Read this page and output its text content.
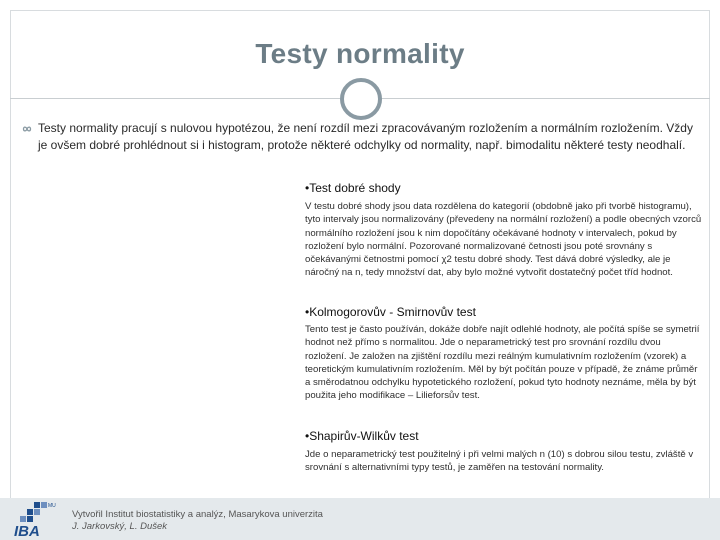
Testy normality
Testy normality pracují s nulovou hypotézou, že není rozdíl mezi zpracovávaným rozložením a normálním rozložením. Vždy je ovšem dobré prohlédnout si i histogram, protože některé odchylky od normality, např. bimodalitu některé testy neodhalí.
•Test dobré shody
V testu dobré shody jsou data rozdělena do kategorií (obdobně jako při tvorbě histogramu), tyto intervaly jsou normalizovány (převedeny na normální rozložení) a podle obecných vzorců normálního rozložení jsou k nim dopočítány očekávané hodnoty v intervalech, pokud by rozložení bylo normální. Pozorované normalizované četnosti jsou poté srovnány s očekávanými četnostmi pomocí χ2 testu dobré shody. Test dává dobré výsledky, ale je náročný na n, tedy množství dat, aby bylo možné vytvořit dostatečný počet tříd hodnot.
•Kolmogorovův - Smirnovův test
Tento test je často používán, dokáže dobře najít odlehlé hodnoty, ale počítá spíše se symetrií hodnot než přímo s normalitou. Jde o neparametrický test pro srovnání rozdílu dvou rozložení. Je založen na zjištění rozdílu mezi reálným kumulativním rozložením (vzorek) a teoretickým kumulativním rozložením. Měl by být počítán pouze v případě, že známe průměr a směrodatnou odchylku hypotetického rozložení, pokud tyto hodnoty neznáme, měla by být použita jeho modifikace – Lilieforsův test.
•Shapirův-Wilkův test
Jde o neparametrický test použitelný i při velmi malých n (10) s dobrou silou testu, zvláště v srovnání s alternativními typy testů, je zaměřen na testování normality.
MU
IBA
Vytvořil Institut biostatistiky a analýz, Masarykova univerzita
J. Jarkovský, L. Dušek
